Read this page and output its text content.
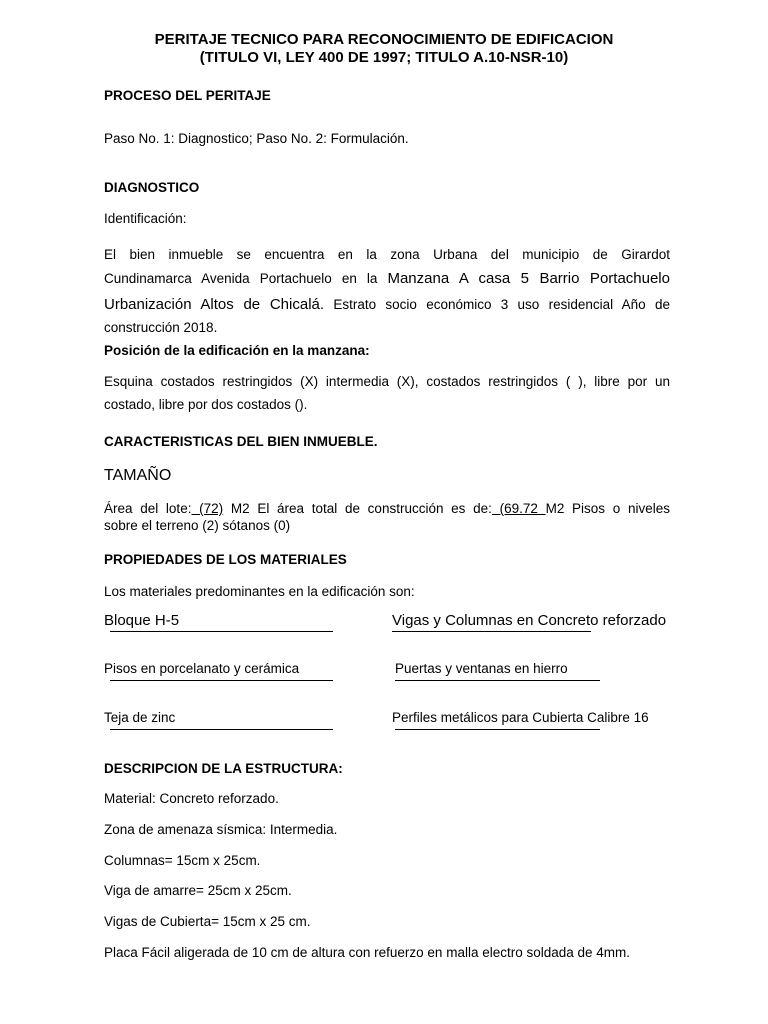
PERITAJE TECNICO PARA RECONOCIMIENTO DE EDIFICACION
(TITULO VI, LEY 400 DE 1997; TITULO A.10-NSR-10)
PROCESO DEL PERITAJE
Paso No. 1: Diagnostico; Paso No. 2: Formulación.
DIAGNOSTICO
Identificación:
El bien inmueble se encuentra en la zona Urbana del municipio de Girardot
Cundinamarca Avenida Portachuelo en la Manzana A casa 5 Barrio Portachuelo
Urbanización Altos de Chicalá. Estrato socio económico 3 uso residencial Año de
construcción 2018.
Posición de la edificación en la manzana:
Esquina costados restringidos (X) intermedia (X), costados restringidos ( ), libre por un
costado, libre por dos costados ().
CARACTERISTICAS DEL BIEN INMUEBLE.
TAMAÑO
Área del lote: (72) M2 El área total de construcción es de: (69.72 M2 Pisos o niveles
sobre el terreno (2) sótanos (0)
PROPIEDADES DE LOS MATERIALES
Los materiales predominantes en la edificación son:
Bloque H-5	Vigas y Columnas en Concreto reforzado
Pisos en porcelanato y cerámica	Puertas y ventanas en hierro
Teja de zinc	Perfiles metálicos para Cubierta Calibre 16
DESCRIPCION DE LA ESTRUCTURA:
Material: Concreto reforzado.
Zona de amenaza sísmica: Intermedia.
Columnas= 15cm x 25cm.
Viga de amarre= 25cm x 25cm.
Vigas de Cubierta= 15cm x 25 cm.
Placa Fácil aligerada de 10 cm de altura con refuerzo en malla electro soldada de 4mm.
